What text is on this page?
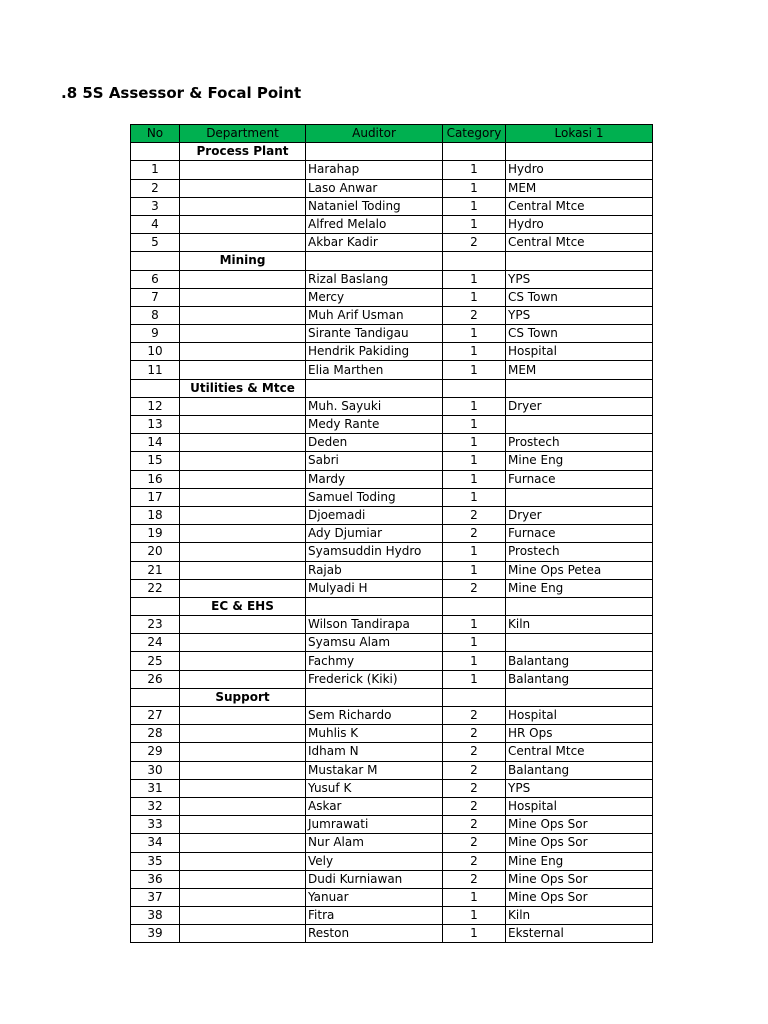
.8 5S Assessor & Focal Point
No	Department	Auditor	Category	Lokasi 1
	Process Plant			
1		Harahap	1	Hydro
2		Laso Anwar	1	MEM
3		Nataniel Toding	1	Central Mtce
4		Alfred Melalo	1	Hydro
5		Akbar Kadir	2	Central Mtce
	Mining			
6		Rizal Baslang	1	YPS
7		Mercy	1	CS Town
8		Muh Arif Usman	2	YPS
9		Sirante Tandigau	1	CS Town
10		Hendrik Pakiding	1	Hospital
11		Elia Marthen	1	MEM
	Utilities & Mtce			
12		Muh. Sayuki	1	Dryer
13		Medy Rante	1	
14		Deden	1	Prostech
15		Sabri	1	Mine Eng
16		Mardy	1	Furnace
17		Samuel Toding	1	
18		Djoemadi	2	Dryer
19		Ady Djumiar	2	Furnace
20		Syamsuddin Hydro	1	Prostech
21		Rajab	1	Mine Ops Petea
22		Mulyadi H	2	Mine Eng
	EC & EHS			
23		Wilson Tandirapa	1	Kiln
24		Syamsu Alam	1	
25		Fachmy	1	Balantang
26		Frederick (Kiki)	1	Balantang
	Support			
27		Sem Richardo	2	Hospital
28		Muhlis K	2	HR Ops
29		Idham N	2	Central Mtce
30		Mustakar M	2	Balantang
31		Yusuf K	2	YPS
32		Askar	2	Hospital
33		Jumrawati	2	Mine Ops Sor
34		Nur Alam	2	Mine Ops Sor
35		Vely	2	Mine Eng
36		Dudi Kurniawan	2	Mine Ops Sor
37		Yanuar	1	Mine Ops Sor
38		Fitra	1	Kiln
39		Reston	1	Eksternal
